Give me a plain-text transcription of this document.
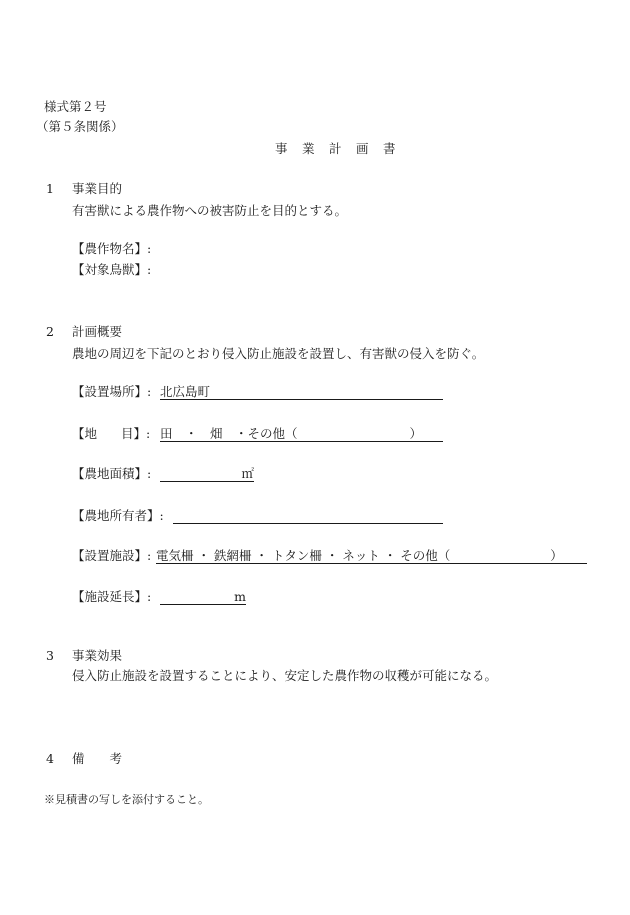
様式第２号
（第５条関係）
事　業　計　画　書
1 事業目的
有害獣による農作物への被害防止を目的とする。
【農作物名】:
【対象鳥獣】:
2 計画概要
農地の周辺を下記のとおり侵入防止施設を設置し、有害獣の侵入を防ぐ。
【設置場所】: 北広島町
【地 目】: 田　・　畑　・その他（	）
【農地面積】:	㎡
【農地所有者】:
【設置施設】: 電気柵 ・ 鉄網柵 ・ トタン柵 ・ ネット ・ その他（	）
【施設延長】:	m
3 事業効果
侵入防止施設を設置することにより、安定した農作物の収穫が可能になる。
4 備　　考
※見積書の写しを添付すること。
